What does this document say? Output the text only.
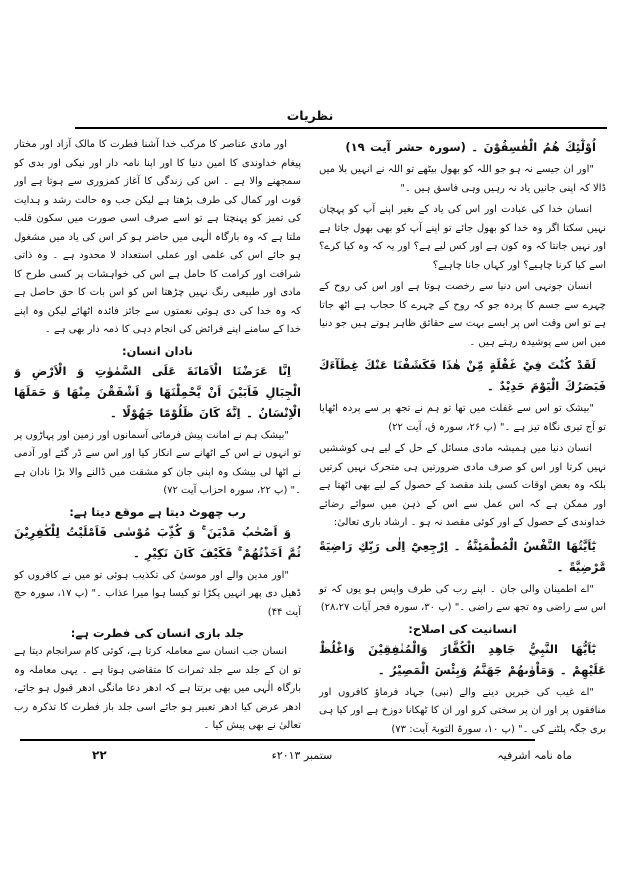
نظریات

اُوْلٰٓئِكَ هُمُ الْفٰسِقُوْنَ ۔ (سورہ حشر آیت ۱۹)

"اور ان جیسے نہ ہو جو اللہ کو بھول بیٹھے تو اللہ نے انہیں بلا میں ڈالا کہ اپنی جانیں یاد نہ رہیں وہی فاسق ہیں ۔"

انسان خدا کی عبادت اور اس کی یاد کے بغیر اپنے آپ کو پہچان نہیں سکتا اگر وہ خدا کو بھول جائے تو اپنے آپ کو بھی بھول جاتا ہے اور نہیں جانتا کہ وہ کون ہے اور کس لیے ہے؟ اور یہ کہ وہ کیا کرے؟ اسے کیا کرنا چاہیے؟ اور کہاں جانا چاہیے؟

انسان جونہی اس دنیا سے رخصت ہوتا ہے اور اس کی روح کے چہرے سے جسم کا پردہ جو کہ روح کے چہرے کا حجاب ہے اٹھ جاتا ہے تو اس وقت اس پر ایسے بہت سے حقائق ظاہر ہوتے ہیں جو دنیا میں اس سے پوشیدہ رہتے ہیں ۔

لَقَدْ كُنْتَ فِيْ غَفْلَةٍ مِّنْ هٰذَا فَكَشَفْنَا عَنْكَ غِطَآءَكَ فَبَصَرُكَ الْيَوْمَ حَدِيْدٌ ۔

"بیشک تو اس سے غفلت میں تھا تو ہم نے تجھ پر سے پردہ اٹھایا تو آج تیری نگاہ تیز ہے ۔" (پ ۲۶، سورہ ق، آیت ۲۲)

انسان دنیا میں ہمیشہ مادی مسائل کے حل کے لیے ہی کوششیں نہیں کرتا اور اس کو صرف مادی ضرورتیں ہی متحرک نہیں کرتیں بلکہ وہ بعض اوقات کسی بلند مقصد کے حصول کے لیے بھی اٹھتا ہے اور ممکن ہے کہ اس عمل سے اس کے ذہن میں سوائے رضائے خداوندی کے حصول کے اور کوئی مقصد نہ ہو ۔ ارشاد باری تعالیٰ:

يٰٓاَيَّتُهَا النَّفْسُ الْمُطْمَئِنَّةُ ۔ اِرْجِعِيْٓ اِلٰى رَبِّكِ رَاضِيَةً مَّرْضِيَّةً ۔

"اے اطمینان والی جان ۔ اپنے رب کی طرف واپس ہو یوں کہ تو اس سے راضی وہ تجھ سے راضی ۔" (پ ۳۰، سورہ فجر آیات ۲۸،۲۷)

انسانیت کی اصلاح:

يٰٓاَيُّهَا النَّبِيُّ جَاهِدِ الْكُفَّارَ وَالْمُنٰفِقِيْنَ وَاغْلُظْ عَلَيْهِمْ ۔ وَمَاْوٰىهُمْ جَهَنَّمُ وَبِئْسَ الْمَصِيْرُ ۔

"اے غیب کی خبریں دینے والے (نبی) جہاد فرماؤ کافروں اور منافقوں پر اور ان پر سختی کرو اور ان کا ٹھکانا دوزخ ہے اور کیا ہی بری جگہ پلٹنے کی ۔" (پ ۱۰، سورۃ التوبۃ آیت: ۷۳)

اور مادی عناصر کا مرکب خدا آشنا فطرت کا مالک آزاد اور مختار پیغام خداوندی کا امین دنیا کا اور اپنا نامہ دار اور نیکی اور بدی کو سمجھنے والا ہے ۔ اس کی زندگی کا آغاز کمزوری سے ہوتا ہے اور قوت اور کمال کی طرف بڑھتا ہے لیکن جب وہ حالت رشد و ہدایت کی تمیز کو پہنچتا ہے تو اسے صرف اسی صورت میں سکون قلب ملتا ہے کہ وہ بارگاہ الٰہی میں حاضر ہو کر اس کی یاد میں مشغول ہو جائے اس کی علمی اور عملی استعداد لا محدود ہے ۔ وہ ذاتی شرافت اور کرامت کا حامل ہے اس کی خواہشات پر کسی طرح کا مادی اور طبیعی رنگ نہیں چڑھتا اس کو اس بات کا حق حاصل ہے کہ وہ خدا کی دی ہوئی نعمتوں سے جائز فائدہ اٹھائے لیکن وہ اپنے خدا کے سامنے اپنے فرائض کی انجام دہی کا ذمہ دار بھی ہے ۔

نادان انسان:

اِنَّا عَرَضْنَا الْاَمَانَةَ عَلَى السَّمٰوٰتِ وَ الْاَرْضِ وَ الْجِبَالِ فَاَبَيْنَ اَنْ يَّحْمِلْنَهَا وَ اَشْفَقْنَ مِنْهَا وَ حَمَلَهَا الْاِنْسَانُ ۔ اِنَّهٗ كَانَ ظَلُوْمًا جَهُوْلًا ۔

"بیشک ہم نے امانت پیش فرمائی آسمانوں اور زمین اور پہاڑوں پر تو انہوں نے اس کے اٹھانے سے انکار کیا اور اس سے ڈر گئے اور آدمی نے اٹھا لی بیشک وہ اپنی جان کو مشقت میں ڈالنے والا بڑا نادان ہے ۔" (پ ۲۲، سورہ احزاب آیت ۷۲)

رب چھوٹ دیتا ہے موقع دیتا ہے:

وَ اَصْحٰبُ مَدْيَنَ ۚ وَ كُذِّبَ مُوْسٰى فَاَمْلَيْتُ لِلْكٰفِرِيْنَ ثُمَّ اَخَذْتُهُمْ ۚ فَكَيْفَ كَانَ نَكِيْرِ ۔

"اور مدین والے اور موسیٰ کی تکذیب ہوئی تو میں نے کافروں کو ڈھیل دی پھر انہیں پکڑا تو کیسا ہوا میرا عذاب ۔" (پ ۱۷، سورہ حج آیت ۴۴)

جلد بازی انسان کی فطرت ہے:

انسان جب انسان سے معاملہ کرتا ہے، کوئی کام سرانجام دیتا ہے تو ان کے جلد سے جلد ثمرات کا متقاضی ہوتا ہے ۔ یہی معاملہ وہ بارگاہ الٰہی میں بھی برتتا ہے کہ ادھر دعا مانگی ادھر قبول ہو جائے، ادھر عرض کیا ادھر تعبیر ہو جائے اسی جلد باز فطرت کا تذکرہ رب تعالیٰ نے بھی پیش کیا ۔

ماہ نامہ اشرفیہ
ستمبر ۲۰۱۳ء
۲۲
